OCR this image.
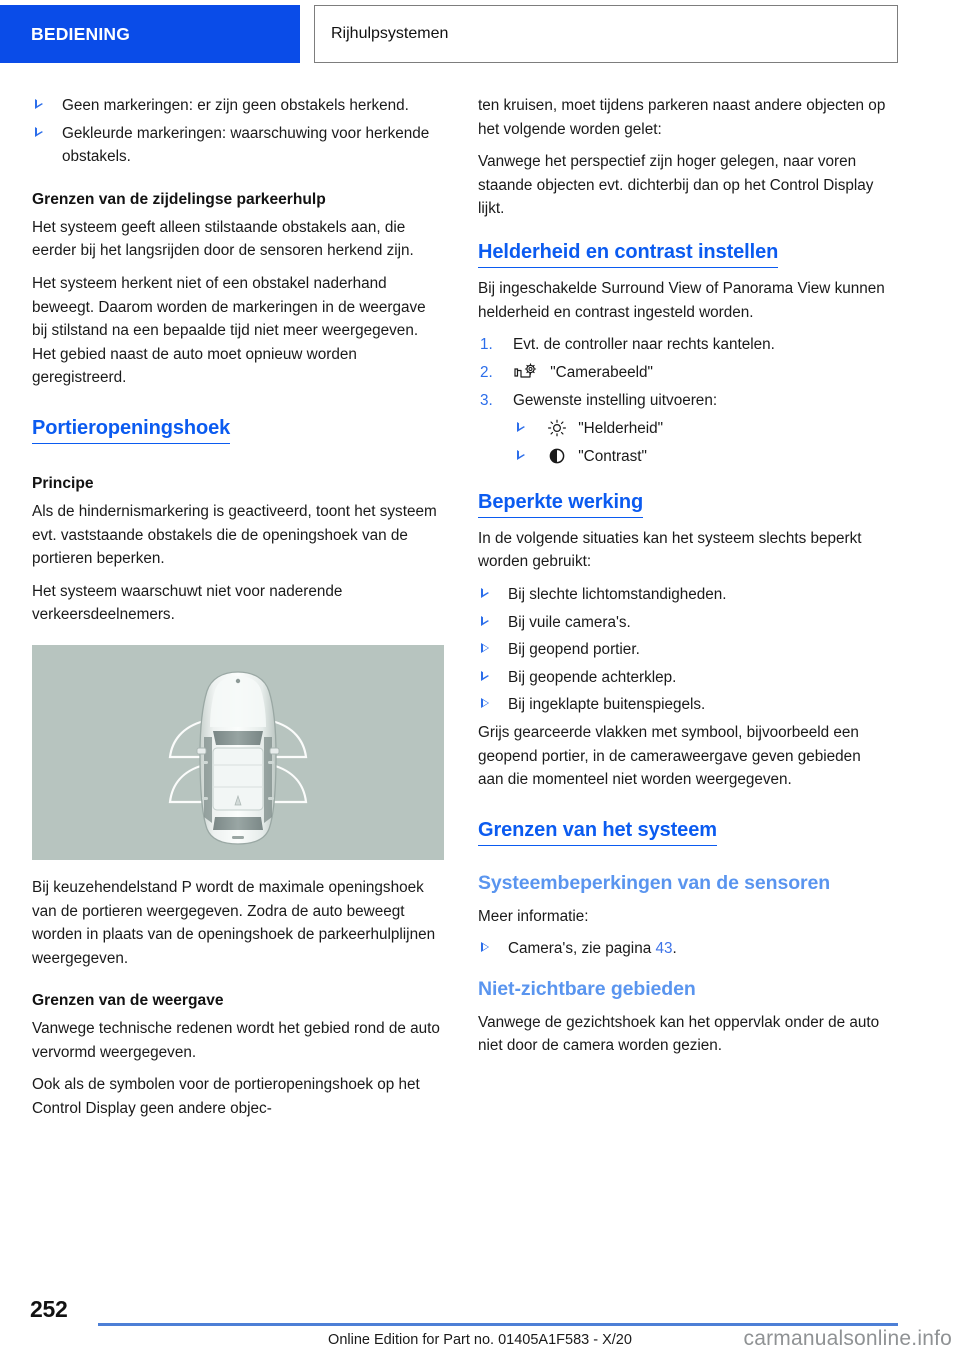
BEDIENING	Rijhulpsystemen
Geen markeringen: er zijn geen obstakels herkend.
Gekleurde markeringen: waarschuwing voor herkende obstakels.
Grenzen van de zijdelingse parkeerhulp

Het systeem geeft alleen stilstaande obstakels aan, die eerder bij het langsrijden door de sensoren herkend zijn.

Het systeem herkent niet of een obstakel naderhand beweegt. Daarom worden de markeringen in de weergave bij stilstand na een bepaalde tijd niet meer weergegeven. Het gebied naast de auto moet opnieuw worden geregistreerd.

Portieropeningshoek
Principe

Als de hindernismarkering is geactiveerd, toont het systeem evt. vaststaande obstakels die de openingshoek van de portieren beperken.

Het systeem waarschuwt niet voor naderende verkeersdeelnemers.

Bij keuzehendelstand P wordt de maximale openingshoek van de portieren weergegeven. Zodra de auto beweegt worden in plaats van de openingshoek de parkeerhulplijnen weergegeven.

Grenzen van de weergave

Vanwege technische redenen wordt het gebied rond de auto vervormd weergegeven.

Ook als de symbolen voor de portieropeningshoek op het Control Display geen andere objec-

ten kruisen, moet tijdens parkeren naast andere objecten op het volgende worden gelet:

Vanwege het perspectief zijn hoger gelegen, naar voren staande objecten evt. dichterbij dan op het Control Display lijkt.

Helderheid en contrast instellen

Bij ingeschakelde Surround View of Panorama View kunnen helderheid en contrast ingesteld worden.

1. Evt. de controller naar rechts kantelen.
2.	"Camerabeeld"
3. Gewenste instelling uitvoeren:
"Helderheid"
"Contrast"
Beperkte werking

In de volgende situaties kan het systeem slechts beperkt worden gebruikt:

Bij slechte lichtomstandigheden.
Bij vuile camera's.
Bij geopend portier.
Bij geopende achterklep.
Bij ingeklapte buitenspiegels.

Grijs gearceerde vlakken met symbool, bijvoorbeeld een geopend portier, in de cameraweergave geven gebieden aan die momenteel niet worden weergegeven.

Grenzen van het systeem
Systeembeperkingen van de sensoren

Meer informatie:

Camera's, zie pagina 43.
Niet-zichtbare gebieden

Vanwege de gezichtshoek kan het oppervlak onder de auto niet door de camera worden gezien.

252
Online Edition for Part no. 01405A1F583 - X/20	carmanualsonline.info
